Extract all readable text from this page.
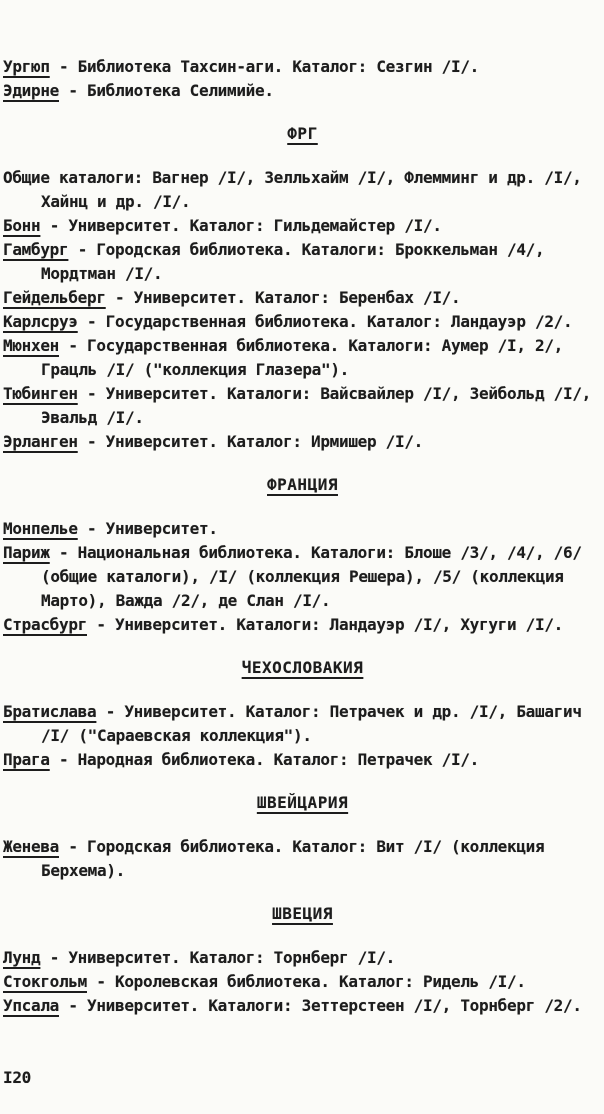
Ургюп - Библиотека Тахсин-аги. Каталог: Сезгин /I/.
Эдирне - Библиотека Селимийе.
ФРГ
Общие каталоги: Вагнер /I/, Зелльхайм /I/, Флемминг и др. /I/,
Хайнц и др. /I/.
Бонн - Университет. Каталог: Гильдемайстер /I/.
Гамбург - Городская библиотека. Каталоги: Броккельман /4/,
Мордтман /I/.
Гейдельберг - Университет. Каталог: Беренбах /I/.
Карлсруэ - Государственная библиотека. Каталог: Ландауэр /2/.
Мюнхен - Государственная библиотека. Каталоги: Аумер /I, 2/,
Грацль /I/ ("коллекция Глазера").
Тюбинген - Университет. Каталоги: Вайсвайлер /I/, Зейбольд /I/,
Эвальд /I/.
Эрланген - Университет. Каталог: Ирмишер /I/.
ФРАНЦИЯ
Монпелье - Университет.
Париж - Национальная библиотека. Каталоги: Блоше /3/, /4/, /6/
(общие каталоги), /I/ (коллекция Решера), /5/ (коллекция
Марто), Важда /2/, де Слан /I/.
Страсбург - Университет. Каталоги: Ландауэр /I/, Хугуги /I/.
ЧЕХОСЛОВАКИЯ
Братислава - Университет. Каталог: Петрачек и др. /I/, Башагич
/I/ ("Сараевская коллекция").
Прага - Народная библиотека. Каталог: Петрачек /I/.
ШВЕЙЦАРИЯ
Женева - Городская библиотека. Каталог: Вит /I/ (коллекция
Берхема).
ШВЕЦИЯ
Лунд - Университет. Каталог: Торнберг /I/.
Стокгольм - Королевская библиотека. Каталог: Ридель /I/.
Упсала - Университет. Каталоги: Зеттерстеен /I/, Торнберг /2/.

I20
